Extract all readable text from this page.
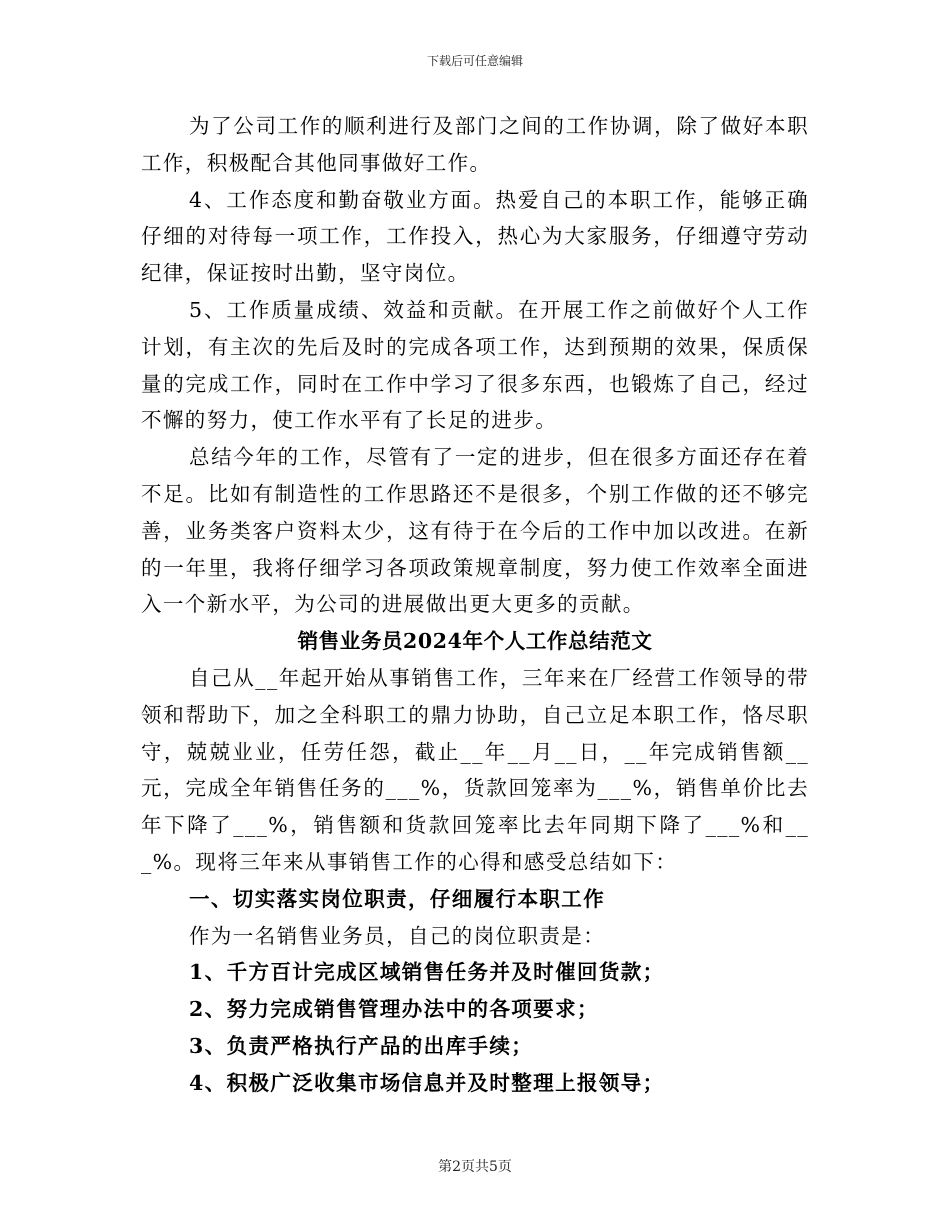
下载后可任意编辑

为了公司工作的顺利进行及部门之间的工作协调，除了做好本职工作，积极配合其他同事做好工作。

4、工作态度和勤奋敬业方面。热爱自己的本职工作，能够正确仔细的对待每一项工作，工作投入，热心为大家服务，仔细遵守劳动纪律，保证按时出勤，坚守岗位。

5、工作质量成绩、效益和贡献。在开展工作之前做好个人工作计划，有主次的先后及时的完成各项工作，达到预期的效果，保质保量的完成工作，同时在工作中学习了很多东西，也锻炼了自己，经过不懈的努力，使工作水平有了长足的进步。

总结今年的工作，尽管有了一定的进步，但在很多方面还存在着不足。比如有制造性的工作思路还不是很多，个别工作做的还不够完善，业务类客户资料太少，这有待于在今后的工作中加以改进。在新的一年里，我将仔细学习各项政策规章制度，努力使工作效率全面进入一个新水平，为公司的进展做出更大更多的贡献。

销售业务员2024年个人工作总结范文

自己从__年起开始从事销售工作，三年来在厂经营工作领导的带领和帮助下，加之全科职工的鼎力协助，自己立足本职工作，恪尽职守，兢兢业业，任劳任怨，截止__年__月__日，__年完成销售额__元，完成全年销售任务的___%，货款回笼率为___%，销售单价比去年下降了___%，销售额和货款回笼率比去年同期下降了___%和___%。现将三年来从事销售工作的心得和感受总结如下：

一、切实落实岗位职责，仔细履行本职工作

作为一名销售业务员，自己的岗位职责是：

1、千方百计完成区域销售任务并及时催回货款；

2、努力完成销售管理办法中的各项要求；

3、负责严格执行产品的出库手续；

4、积极广泛收集市场信息并及时整理上报领导；

第2页共5页
